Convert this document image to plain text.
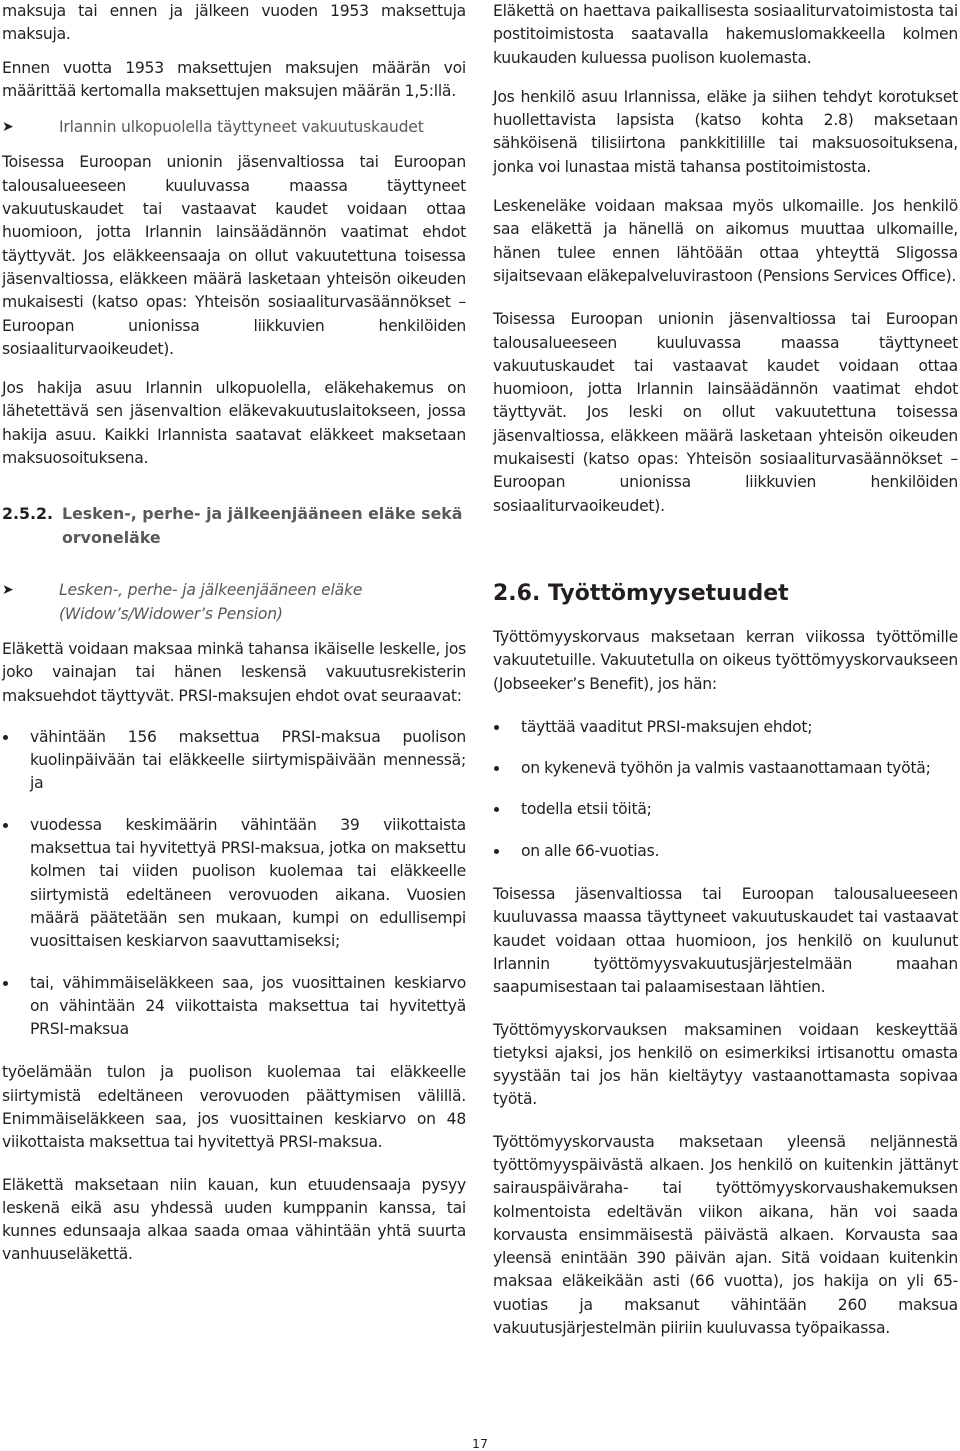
maksuja tai ennen ja jälkeen vuoden 1953 maksettuja maksuja.

Ennen vuotta 1953 maksettujen maksujen määrän voi määrittää kertomalla maksettujen maksujen määrän 1,5:llä.

➤	Irlannin ulkopuolella täyttyneet vakuutuskaudet

Toisessa Euroopan unionin jäsenvaltiossa tai Euroopan talousalueeseen kuuluvassa maassa täyttyneet vakuutuskaudet tai vastaavat kaudet voidaan ottaa huomioon, jotta Irlannin lainsäädännön vaatimat ehdot täyttyvät. Jos eläkkeensaaja on ollut vakuutettuna toisessa jäsenvaltiossa, eläkkeen määrä lasketaan yhteisön oikeuden mukaisesti (katso opas: Yhteisön sosiaaliturvasäännökset – Euroopan unionissa liikkuvien henkilöiden sosiaaliturvaoikeudet).

Jos hakija asuu Irlannin ulkopuolella, eläkehakemus on lähetettävä sen jäsenvaltion eläkevakuutuslaitokseen, jossa hakija asuu. Kaikki Irlannista saatavat eläkkeet maksetaan maksuosoituksena.

2.5.2. Lesken-, perhe- ja jälkeenjääneen eläke sekä orvoneläke
➤	Lesken-, perhe- ja jälkeenjääneen eläke
(Widow’s/Widower’s Pension)

Eläkettä voidaan maksaa minkä tahansa ikäiselle leskelle, jos joko vainajan tai hänen leskensä vakuutusrekisterin maksuehdot täyttyvät. PRSI-maksujen ehdot ovat seuraavat:

vähintään 156 maksettua PRSI-maksua puolison kuolinpäivään tai eläkkeelle siirtymispäivään mennessä; ja
vuodessa keskimäärin vähintään 39 viikottaista maksettua tai hyvitettyä PRSI-maksua, jotka on maksettu kolmen tai viiden puolison kuolemaa tai eläkkeelle siirtymistä edeltäneen verovuoden aikana. Vuosien määrä päätetään sen mukaan, kumpi on edullisempi vuosittaisen keskiarvon saavuttamiseksi;
tai, vähimmäiseläkkeen saa, jos vuosittainen keskiarvo on vähintään 24 viikottaista maksettua tai hyvitettyä PRSI-maksua

työelämään tulon ja puolison kuolemaa tai eläkkeelle siirtymistä edeltäneen verovuoden päättymisen välillä. Enimmäiseläkkeen saa, jos vuosittainen keskiarvo on 48 viikottaista maksettua tai hyvitettyä PRSI-maksua.

Eläkettä maksetaan niin kauan, kun etuudensaaja pysyy leskenä eikä asu yhdessä uuden kumppanin kanssa, tai kunnes edunsaaja alkaa saada omaa vähintään yhtä suurta vanhuuseläkettä.

Eläkettä on haettava paikallisesta sosiaaliturvatoimistosta tai postitoimistosta saatavalla hakemuslomakkeella kolmen kuukauden kuluessa puolison kuolemasta.

Jos henkilö asuu Irlannissa, eläke ja siihen tehdyt korotukset huollettavista lapsista (katso kohta 2.8) maksetaan sähköisenä tilisiirtona pankkitilille tai maksuosoituksena, jonka voi lunastaa mistä tahansa postitoimistosta.

Leskeneläke voidaan maksaa myös ulkomaille. Jos henkilö saa eläkettä ja hänellä on aikomus muuttaa ulkomaille, hänen tulee ennen lähtöään ottaa yhteyttä Sligossa sijaitsevaan eläkepalveluvirastoon (Pensions Services Office).

Toisessa Euroopan unionin jäsenvaltiossa tai Euroopan talousalueeseen kuuluvassa maassa täyttyneet vakuutuskaudet tai vastaavat kaudet voidaan ottaa huomioon, jotta Irlannin lainsäädännön vaatimat ehdot täyttyvät. Jos leski on ollut vakuutettuna toisessa jäsenvaltiossa, eläkkeen määrä lasketaan yhteisön oikeuden mukaisesti (katso opas: Yhteisön sosiaaliturvasäännökset – Euroopan unionissa liikkuvien henkilöiden sosiaaliturvaoikeudet).

2.6. Työttömyysetuudet

Työttömyyskorvaus maksetaan kerran viikossa työttömille vakuutetuille. Vakuutetulla on oikeus työttömyyskorvaukseen (Jobseeker’s Benefit), jos hän:

täyttää vaaditut PRSI-maksujen ehdot;
on kykenevä työhön ja valmis vastaanottamaan työtä;
todella etsii töitä;
on alle 66-vuotias.

Toisessa jäsenvaltiossa tai Euroopan talousalueeseen kuuluvassa maassa täyttyneet vakuutuskaudet tai vastaavat kaudet voidaan ottaa huomioon, jos henkilö on kuulunut Irlannin työttömyysvakuutusjärjestelmään maahan saapumisestaan tai palaamisestaan lähtien.

Työttömyyskorvauksen maksaminen voidaan keskeyttää tietyksi ajaksi, jos henkilö on esimerkiksi irtisanottu omasta syystään tai jos hän kieltäytyy vastaanottamasta sopivaa työtä.

Työttömyyskorvausta maksetaan yleensä neljännestä työttömyyspäivästä alkaen. Jos henkilö on kuitenkin jättänyt sairauspäiväraha- tai työttömyyskorvaushakemuksen kolmentoista edeltävän viikon aikana, hän voi saada korvausta ensimmäisestä päivästä alkaen. Korvausta saa yleensä enintään 390 päivän ajan. Sitä voidaan kuitenkin maksaa eläkeikään asti (66 vuotta), jos hakija on yli 65-vuotias ja maksanut vähintään 260 maksua vakuutusjärjestelmän piiriin kuuluvassa työpaikassa.

17
